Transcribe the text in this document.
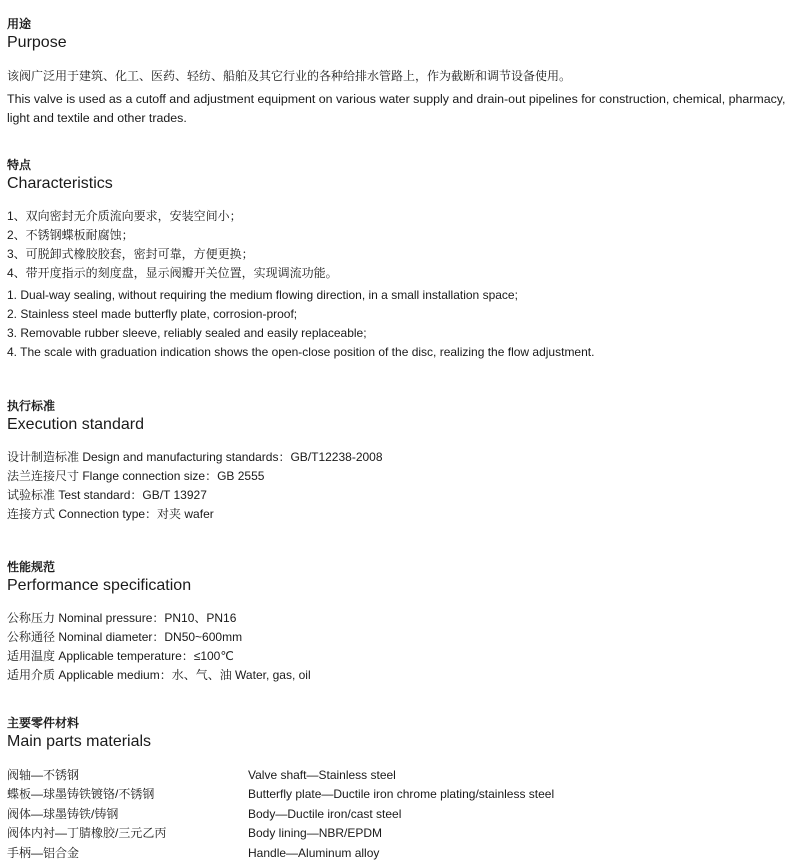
用途
Purpose

该阀广泛用于建筑、化工、医药、轻纺、船舶及其它行业的各种给排水管路上，作为截断和调节设备使用。

This valve is used as a cutoff and adjustment equipment on various water supply and drain-out pipelines for construction, chemical, pharmacy, light and textile and other trades.

特点
Characteristics

1、双向密封无介质流向要求，安装空间小；

2、不锈钢蝶板耐腐蚀；

3、可脱卸式橡胶胶套，密封可靠，方便更换；

4、带开度指示的刻度盘，显示阀瓣开关位置，实现调流功能。

1. Dual-way sealing, without requiring the medium flowing direction, in a small installation space;

2. Stainless steel made butterfly plate, corrosion-proof;

3. Removable rubber sleeve, reliably sealed and easily replaceable;

4. The scale with graduation indication shows the open-close position of the disc, realizing the flow adjustment.

执行标准
Execution standard

设计制造标准 Design and manufacturing standards：GB/T12238-2008

法兰连接尺寸 Flange connection size：GB 2555

试验标准 Test standard：GB/T 13927

连接方式 Connection type：对夹 wafer

性能规范
Performance specification

公称压力 Nominal pressure：PN10、PN16

公称通径 Nominal diameter：DN50~600mm

适用温度 Applicable temperature：≤100℃

适用介质 Applicable medium：水、气、油 Water, gas, oil

主要零件材料
Main parts materials
阀轴—不锈钢	Valve shaft—Stainless steel
蝶板—球墨铸铁镀铬/不锈钢	Butterfly plate—Ductile iron chrome plating/stainless steel
阀体—球墨铸铁/铸钢	Body—Ductile iron/cast steel
阀体内衬—丁腈橡胶/三元乙丙	Body lining—NBR/EPDM
手柄—铝合金	Handle—Aluminum alloy
